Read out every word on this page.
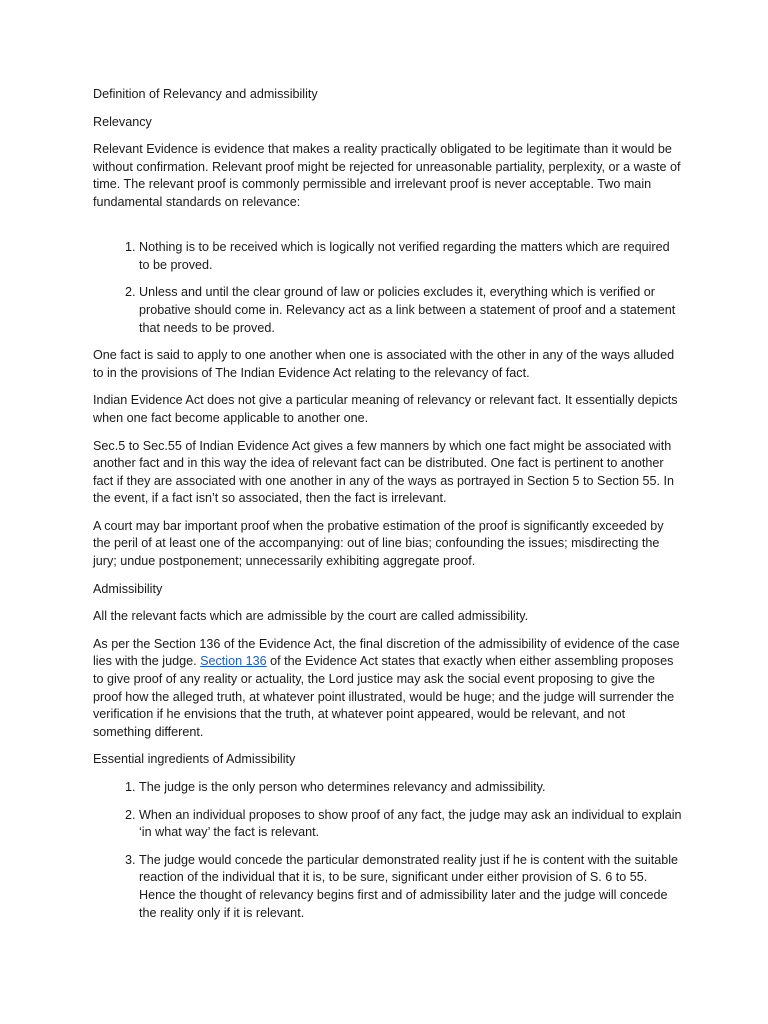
Definition of Relevancy and admissibility

Relevancy

Relevant Evidence is evidence that makes a reality practically obligated to be legitimate than it would be without confirmation. Relevant proof might be rejected for unreasonable partiality, perplexity, or a waste of time. The relevant proof is commonly permissible and irrelevant proof is never acceptable. Two main fundamental standards on relevance:

1. Nothing is to be received which is logically not verified regarding the matters which are required to be proved.
2. Unless and until the clear ground of law or policies excludes it, everything which is verified or probative should come in. Relevancy act as a link between a statement of proof and a statement that needs to be proved.

One fact is said to apply to one another when one is associated with the other in any of the ways alluded to in the provisions of The Indian Evidence Act relating to the relevancy of fact.

Indian Evidence Act does not give a particular meaning of relevancy or relevant fact. It essentially depicts when one fact become applicable to another one.

Sec.5 to Sec.55 of Indian Evidence Act gives a few manners by which one fact might be associated with another fact and in this way the idea of relevant fact can be distributed. One fact is pertinent to another fact if they are associated with one another in any of the ways as portrayed in Section 5 to Section 55. In the event, if a fact isn’t so associated, then the fact is irrelevant.

A court may bar important proof when the probative estimation of the proof is significantly exceeded by the peril of at least one of the accompanying: out of line bias; confounding the issues; misdirecting the jury; undue postponement; unnecessarily exhibiting aggregate proof.

Admissibility

All the relevant facts which are admissible by the court are called admissibility.

As per the Section 136 of the Evidence Act, the final discretion of the admissibility of evidence of the case lies with the judge. Section 136 of the Evidence Act states that exactly when either assembling proposes to give proof of any reality or actuality, the Lord justice may ask the social event proposing to give the proof how the alleged truth, at whatever point illustrated, would be huge; and the judge will surrender the verification if he envisions that the truth, at whatever point appeared, would be relevant, and not something different.

Essential ingredients of Admissibility

1. The judge is the only person who determines relevancy and admissibility.
2. When an individual proposes to show proof of any fact, the judge may ask an individual to explain ‘in what way’ the fact is relevant.
3. The judge would concede the particular demonstrated reality just if he is content with the suitable reaction of the individual that it is, to be sure, significant under either provision of S. 6 to 55. Hence the thought of relevancy begins first and of admissibility later and the judge will concede the reality only if it is relevant.
